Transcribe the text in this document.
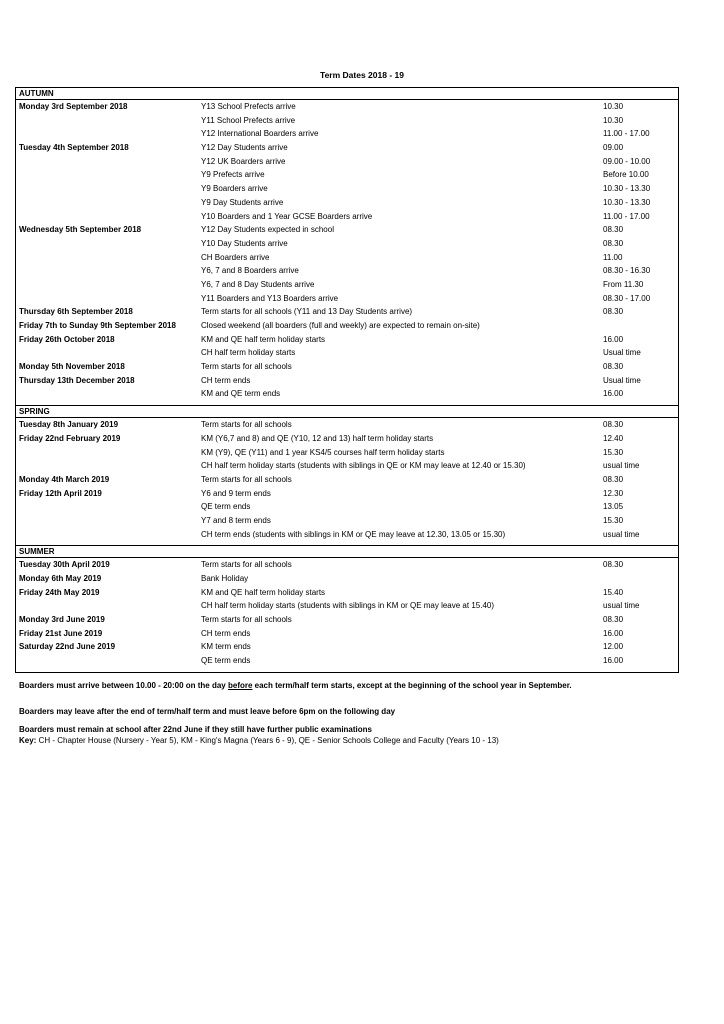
Term Dates 2018 - 19
AUTUMN
Monday 3rd September 2018	Y13 School Prefects arrive	10.30
Y11 School Prefects arrive	10.30
Y12 International Boarders arrive	11.00 - 17.00
Tuesday 4th September 2018	Y12 Day Students arrive	09.00
Y12 UK Boarders arrive	09.00 - 10.00
Y9 Prefects arrive	Before 10.00
Y9 Boarders arrive	10.30 - 13.30
Y9 Day Students arrive	10.30 - 13.30
Y10 Boarders and 1 Year GCSE Boarders arrive	11.00 - 17.00
Wednesday 5th September 2018	Y12 Day Students expected in school	08.30
Y10 Day Students arrive	08.30
CH Boarders arrive	11.00
Y6, 7 and 8 Boarders arrive	08.30 - 16.30
Y6, 7 and 8 Day Students arrive	From 11.30
Y11 Boarders and Y13 Boarders arrive	08.30 - 17.00
Thursday 6th September 2018	Term starts for all schools (Y11 and 13 Day Students arrive)	08.30
Friday 7th to Sunday 9th September 2018	Closed weekend (all boarders (full and weekly) are expected to remain on-site)
Friday 26th October 2018	KM and QE half term holiday starts	16.00
CH half term holiday starts	Usual time
Monday 5th November 2018	Term starts for all schools	08.30
Thursday 13th December 2018	CH term ends	Usual time
KM and QE term ends	16.00
SPRING
Tuesday 8th January 2019	Term starts for all schools	08.30
Friday 22nd February 2019	KM (Y6,7 and 8) and QE (Y10, 12 and 13) half term holiday starts	12.40
KM (Y9), QE (Y11) and 1 year KS4/5 courses half term holiday starts	15.30
CH half term holiday starts (students with siblings in QE or KM may leave at 12.40 or 15.30)	usual time
Monday 4th March 2019	Term starts for all schools	08.30
Friday 12th April 2019	Y6 and 9 term ends	12.30
QE term ends	13.05
Y7 and 8 term ends	15.30
CH term ends (students with siblings in KM or QE may leave at 12.30, 13.05 or 15.30)	usual time
SUMMER
Tuesday 30th April 2019	Term starts for all schools	08.30
Monday 6th May 2019	Bank Holiday
Friday 24th May 2019	KM and QE half term holiday starts	15.40
CH half term holiday starts (students with siblings in KM or QE may leave at 15.40)	usual time
Monday 3rd June 2019	Term starts for all schools	08.30
Friday 21st June 2019	CH term ends	16.00
Saturday 22nd June 2019	KM term ends	12.00
QE term ends	16.00
Boarders must arrive between 10.00 - 20:00 on the day before each term/half term starts, except at the beginning of the school year in September.
Boarders may leave after the end of term/half term and must leave before 6pm on the following day
Boarders must remain at school after 22nd June if they still have further public examinations
Key: CH - Chapter House (Nursery - Year 5), KM - King's Magna (Years 6 - 9), QE - Senior Schools College and Faculty (Years 10 - 13)
